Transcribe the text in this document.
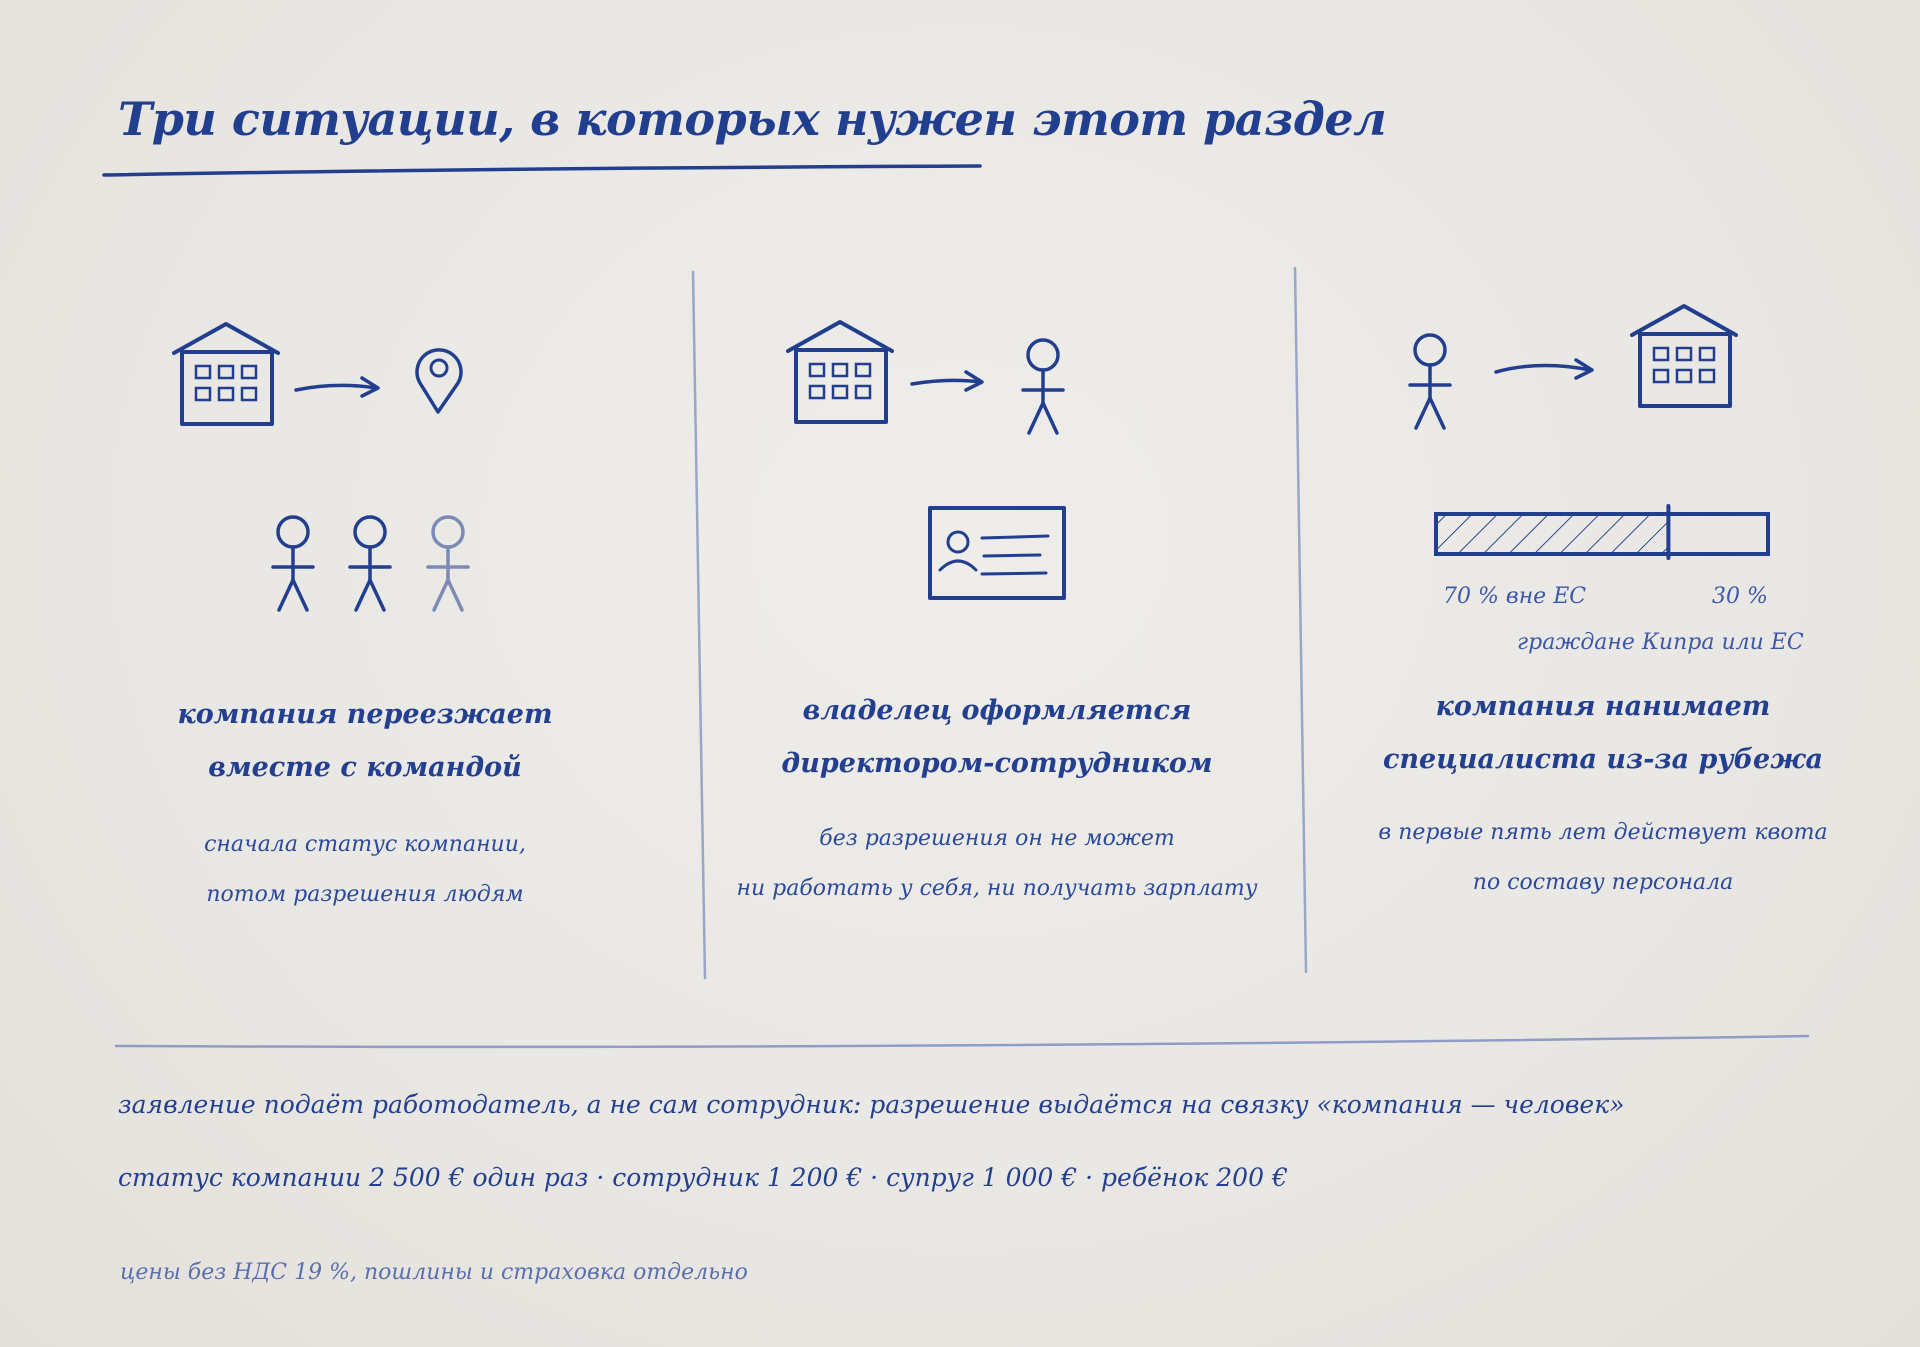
Три ситуации, в которых нужен этот раздел
компания переезжает
вместе с командой
сначала статус компании,
потом разрешения людям
владелец оформляется
директором-сотрудником
без разрешения он не может
ни работать у себя, ни получать зарплату
70 % вне ЕС	30 %
граждане Кипра или ЕС
компания нанимает
специалиста из-за рубежа
в первые пять лет действует квота
по составу персонала
заявление подаёт работодатель, а не сам сотрудник: разрешение выдаётся на связку «компания — человек»
статус компании 2 500 € один раз · сотрудник 1 200 € · супруг 1 000 € · ребёнок 200 €
цены без НДС 19 %, пошлины и страховка отдельно
